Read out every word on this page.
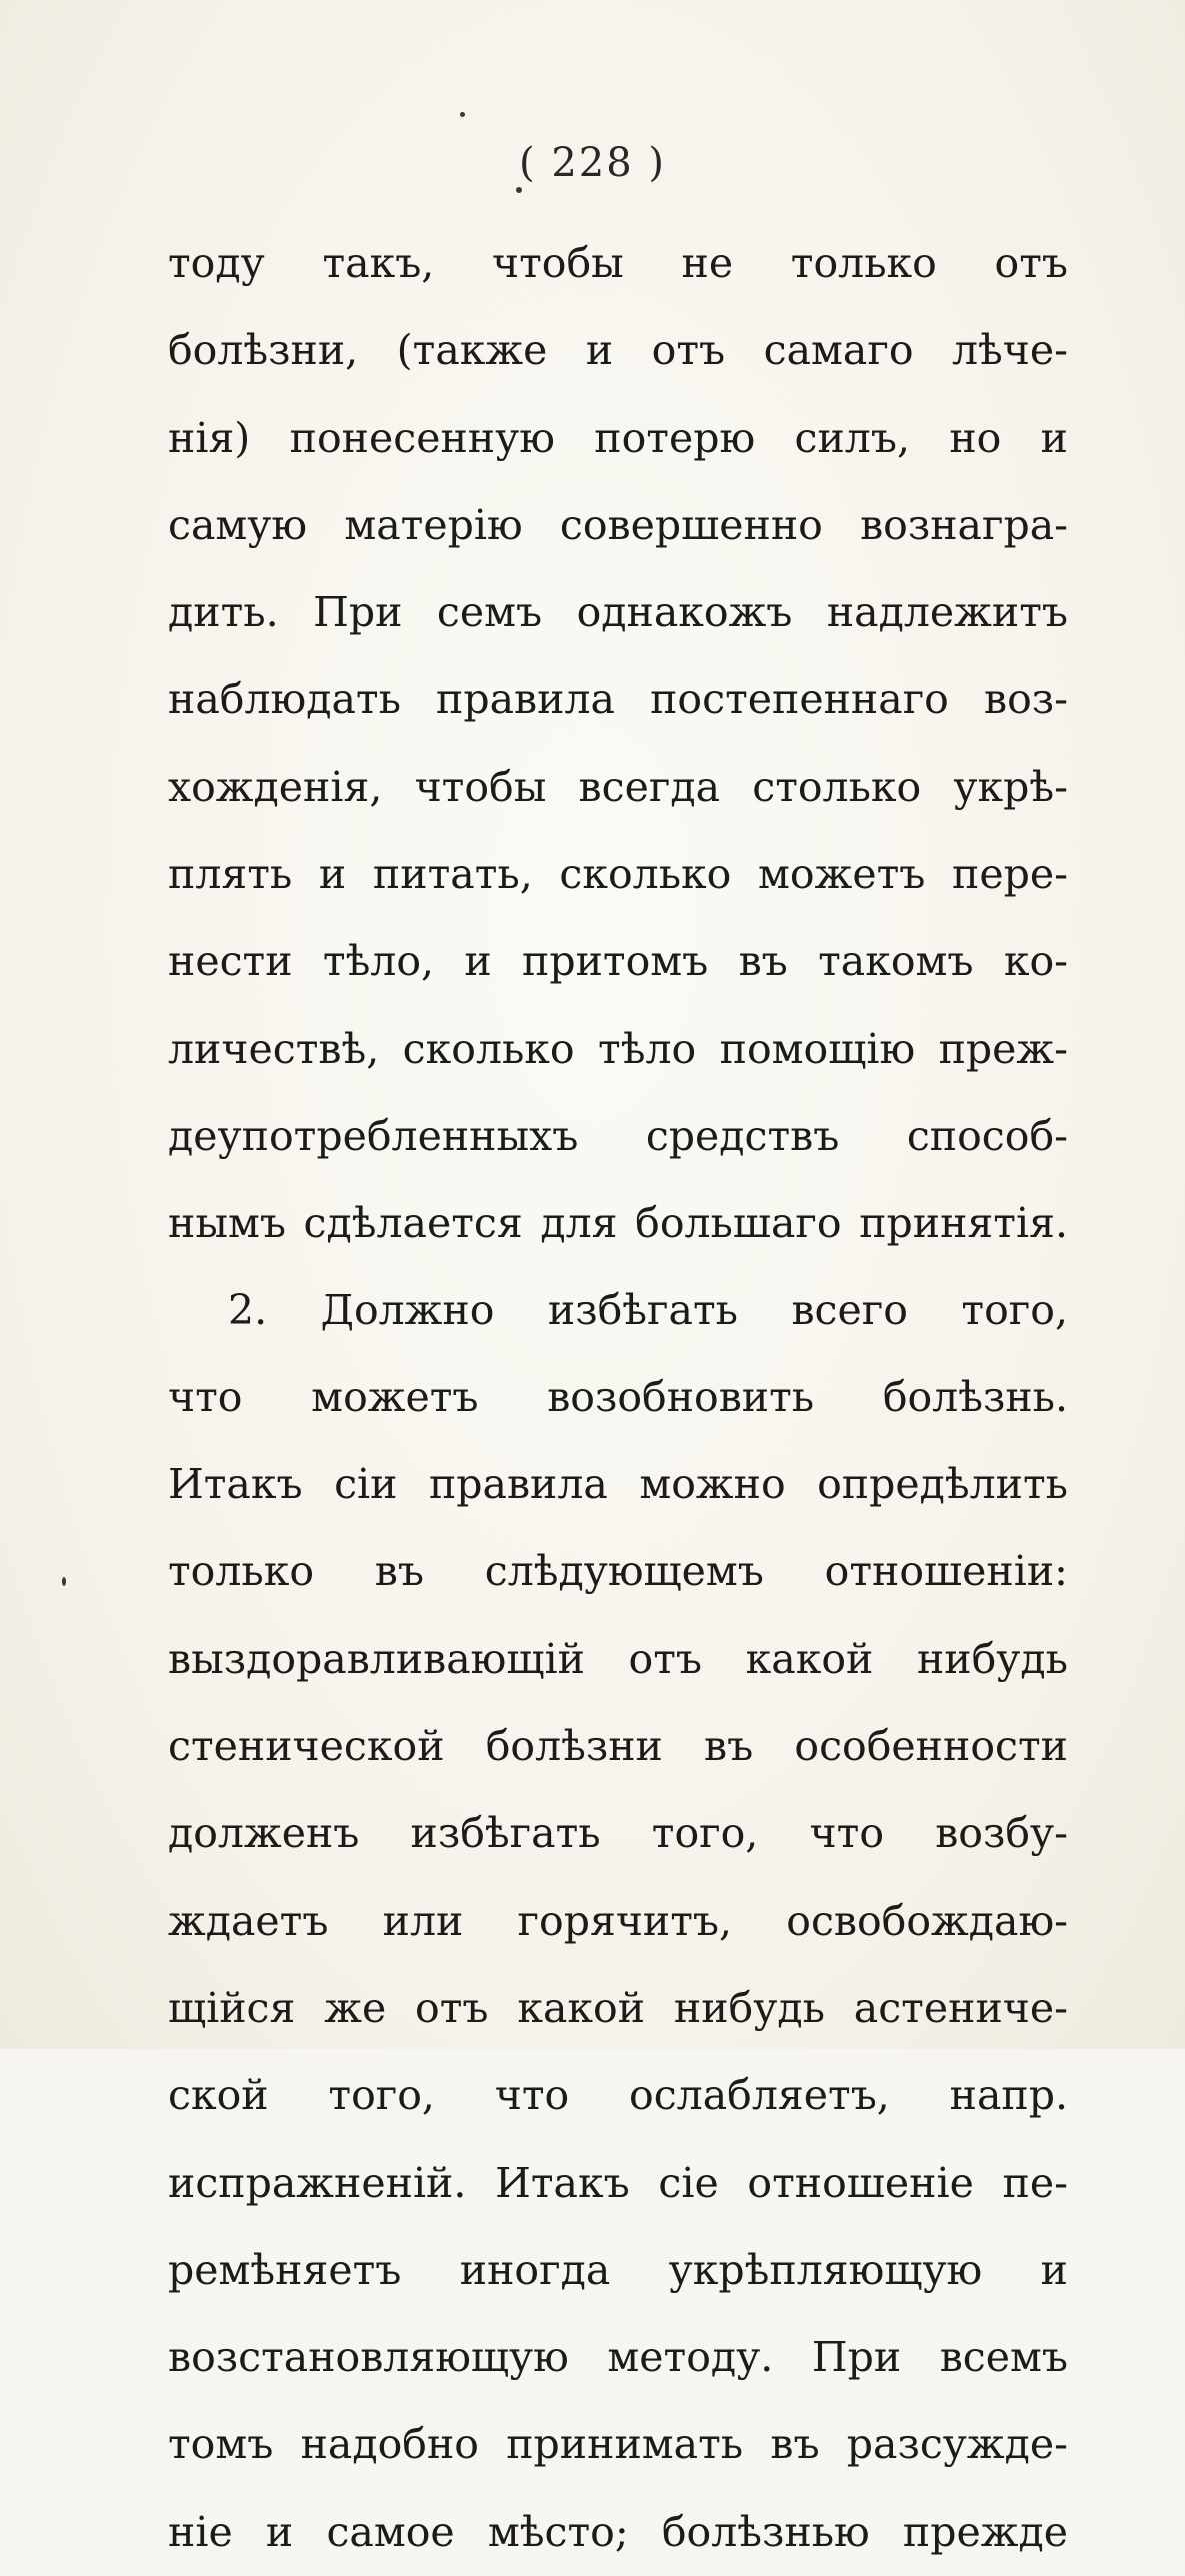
( 228 )
тоду такъ, чтобы не только отъ
болѣзни, (также и отъ самаго лѣче-
нія) понесенную потерю силъ, но и
самую матерію совершенно вознагра-
дить. При семъ однакожъ надлежитъ
наблюдать правила постепеннаго воз-
хожденія, чтобы всегда столько укрѣ-
плять и питать, сколько можетъ пере-
нести тѣло, и притомъ въ такомъ ко-
личествѣ, сколько тѣло помощію преж-
деупотребленныхъ средствъ способ-
нымъ сдѣлается для большаго принятія.
2. Должно избѣгать всего того,
что можетъ возобновить болѣзнь.
Итакъ сіи правила можно опредѣлить
только въ слѣдующемъ отношеніи:
выздоравливающій отъ какой нибудь
стенической болѣзни въ особенности
долженъ избѣгать того, что возбу-
ждаетъ или горячитъ, освобождаю-
щійся же отъ какой нибудь астениче-
ской того, что ослабляетъ, напр.
испражненій. Итакъ сіе отношеніе пе-
ремѣняетъ иногда укрѣпляющую и
возстановляющую методу. При всемъ
томъ надобно принимать въ разсужде-
ніе и самое мѣсто; болѣзнью прежде
